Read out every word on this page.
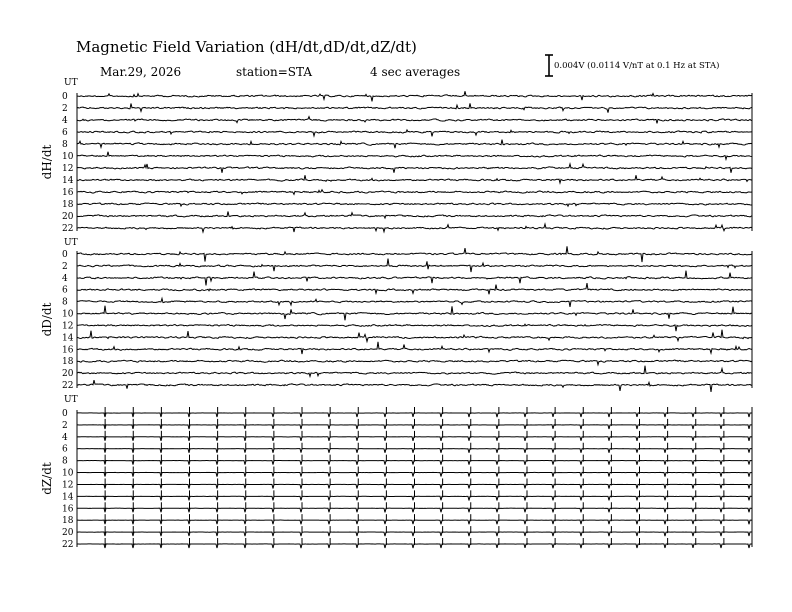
Magnetic Field Variation (dH/dt,dD/dt,dZ/dt)
Mar.29, 2026	station=STA	4 sec averages	0.004V (0.0114 V/nT at 0.1 Hz at STA)
UT
dH/dt
0
2
4
6
8
10
12
14
16
18
20
22
UT
dD/dt
0
2
4
6
8
10
12
14
16
18
20
22
UT
dZ/dt
0
2
4
6
8
10
12
14
16
18
20
22
